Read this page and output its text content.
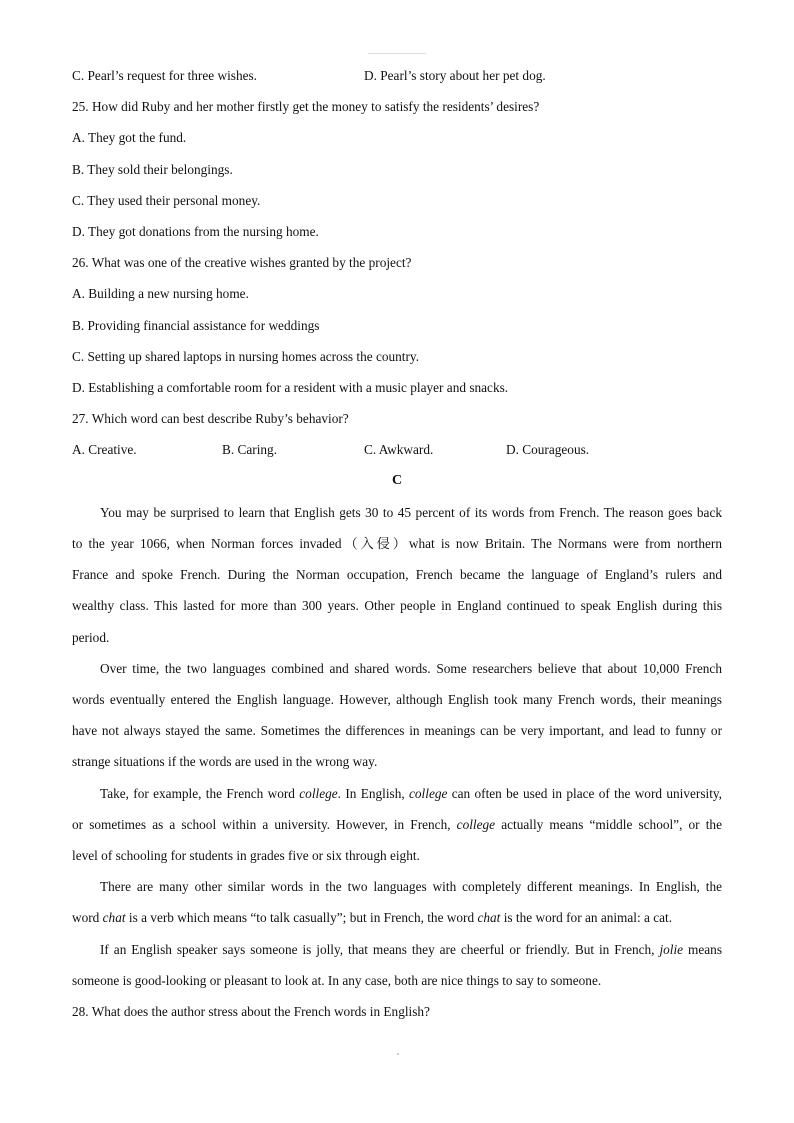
C. Pearl’s request for three wishes.	D. Pearl’s story about her pet dog.
25. How did Ruby and her mother firstly get the money to satisfy the residents’ desires?
A. They got the fund.
B. They sold their belongings.
C. They used their personal money.
D. They got donations from the nursing home.
26. What was one of the creative wishes granted by the project?
A. Building a new nursing home.
B. Providing financial assistance for weddings
C. Setting up shared laptops in nursing homes across the country.
D. Establishing a comfortable room for a resident with a music player and snacks.
27. Which word can best describe Ruby’s behavior?
A. Creative.	B. Caring.	C. Awkward.	D. Courageous.
C
You may be surprised to learn that English gets 30 to 45 percent of its words from French. The reason goes back
to the year 1066, when Norman forces invaded（入侵）what is now Britain. The Normans were from northern
France and spoke French. During the Norman occupation, French became the language of England’s rulers and
wealthy class. This lasted for more than 300 years. Other people in England continued to speak English during this
period.
Over time, the two languages combined and shared words. Some researchers believe that about 10,000 French
words eventually entered the English language. However, although English took many French words, their meanings
have not always stayed the same. Sometimes the differences in meanings can be very important, and lead to funny or
strange situations if the words are used in the wrong way.
Take, for example, the French word college. In English, college can often be used in place of the word university,
or sometimes as a school within a university. However, in French, college actually means “middle school”, or the
level of schooling for students in grades five or six through eight.
There are many other similar words in the two languages with completely different meanings. In English, the
word chat is a verb which means “to talk casually”; but in French, the word chat is the word for an animal: a cat.
If an English speaker says someone is jolly, that means they are cheerful or friendly. But in French, jolie means
someone is good-looking or pleasant to look at. In any case, both are nice things to say to someone.
28. What does the author stress about the French words in English?
